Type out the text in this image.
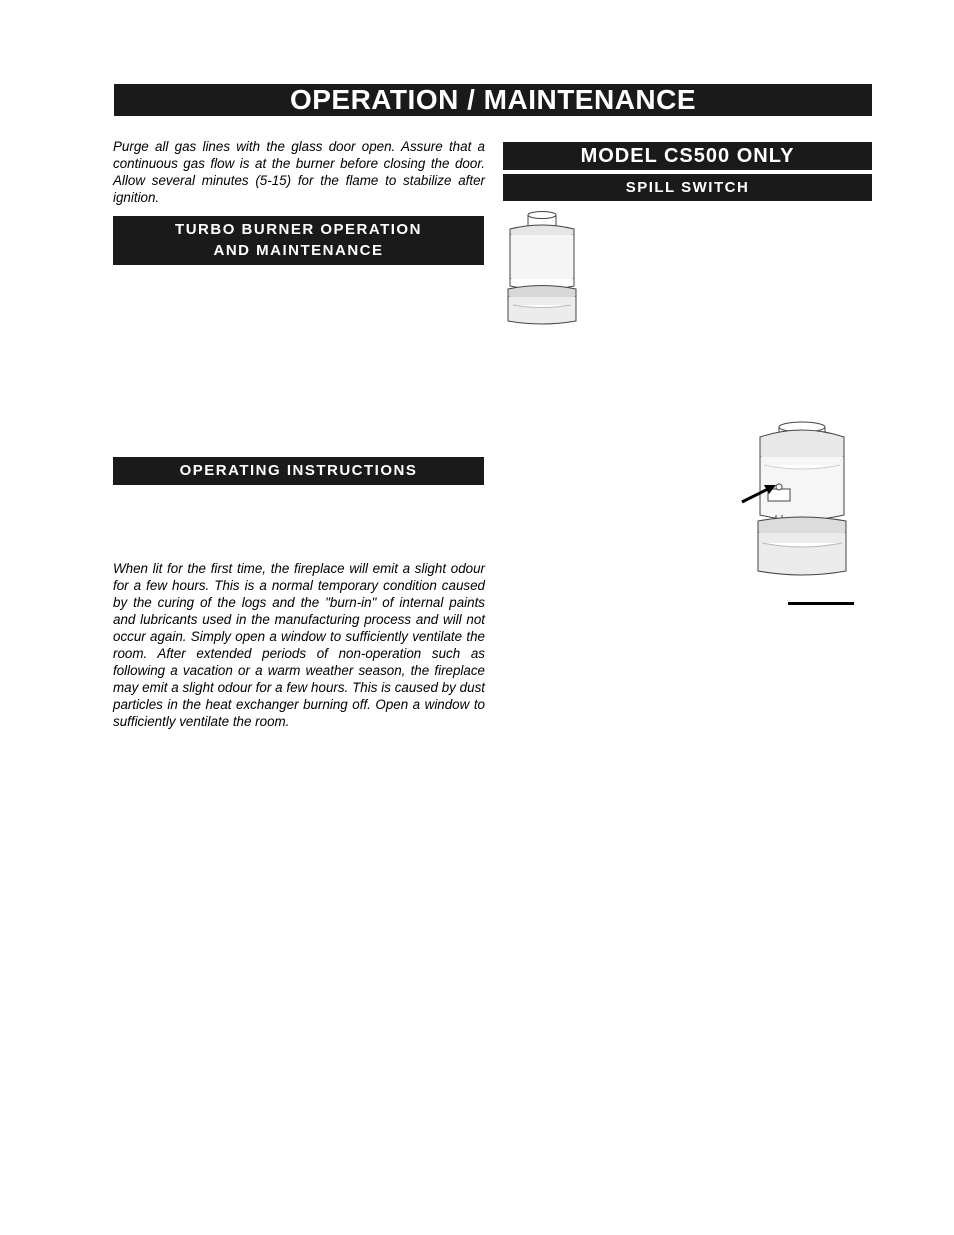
OPERATION / MAINTENANCE
Purge all gas lines with the glass door open. Assure that a continuous gas flow is at the burner before closing the door. Allow several minutes (5-15) for the flame to stabilize after ignition.
TURBO BURNER OPERATION
AND MAINTENANCE
OPERATING INSTRUCTIONS
When lit for the first time, the fireplace will emit a slight odour for a few hours. This is a normal temporary condition caused by the curing of the logs and the "burn-in" of internal paints and lubricants used in the manufacturing process and will not occur again. Simply open a window to sufficiently ventilate the room. After extended periods of non-operation such as following a vacation or a warm weather season, the fireplace may emit a slight odour for a few hours. This is caused by dust particles in the heat exchanger burning off. Open a window to sufficiently ventilate the room.
MODEL CS500 ONLY
SPILL SWITCH
